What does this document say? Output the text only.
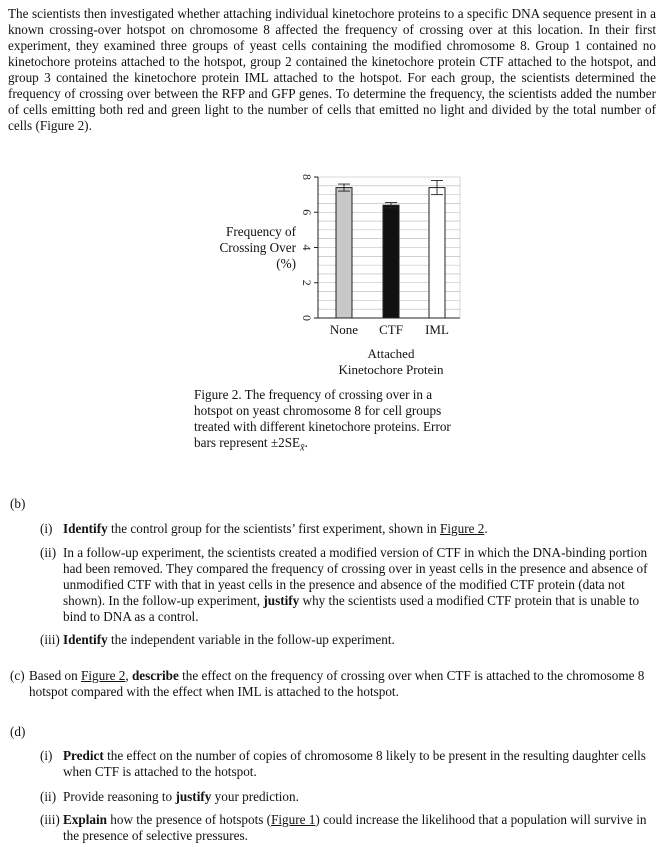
The scientists then investigated whether attaching individual kinetochore proteins to a specific DNA sequence present in a known crossing-over hotspot on chromosome 8 affected the frequency of crossing over at this location. In their first experiment, they examined three groups of yeast cells containing the modified chromosome 8. Group 1 contained no kinetochore proteins attached to the hotspot, group 2 contained the kinetochore protein CTF attached to the hotspot, and group 3 contained the kinetochore protein IML attached to the hotspot. For each group, the scientists determined the frequency of crossing over between the RFP and GFP genes. To determine the frequency, the scientists added the number of cells emitting both red and green light to the number of cells that emitted no light and divided by the total number of cells (Figure 2).

0
2
4
6
8
None CTF IML
Attached
Kinetochore Protein
Frequency of
Crossing Over
(%)

Figure 2. The frequency of crossing over in a hotspot on yeast chromosome 8 for cell groups treated with different kinetochore proteins. Error bars represent $\pm 2SE_{x̄}$.

(b)
(i) Identify the control group for the scientists’ first experiment, shown in Figure 2.
(ii) In a follow-up experiment, the scientists created a modified version of CTF in which the DNA-binding portion had been removed. They compared the frequency of crossing over in yeast cells in the presence and absence of unmodified CTF with that in yeast cells in the presence and absence of the modified CTF protein (data not shown). In the follow-up experiment, justify why the scientists used a modified CTF protein that is unable to bind to DNA as a control.
(iii) Identify the independent variable in the follow-up experiment.
(c) Based on Figure 2, describe the effect on the frequency of crossing over when CTF is attached to the chromosome 8 hotspot compared with the effect when IML is attached to the hotspot.
(d)
(i) Predict the effect on the number of copies of chromosome 8 likely to be present in the resulting daughter cells when CTF is attached to the hotspot.
(ii) Provide reasoning to justify your prediction.
(iii) Explain how the presence of hotspots (Figure 1) could increase the likelihood that a population will survive in the presence of selective pressures.
